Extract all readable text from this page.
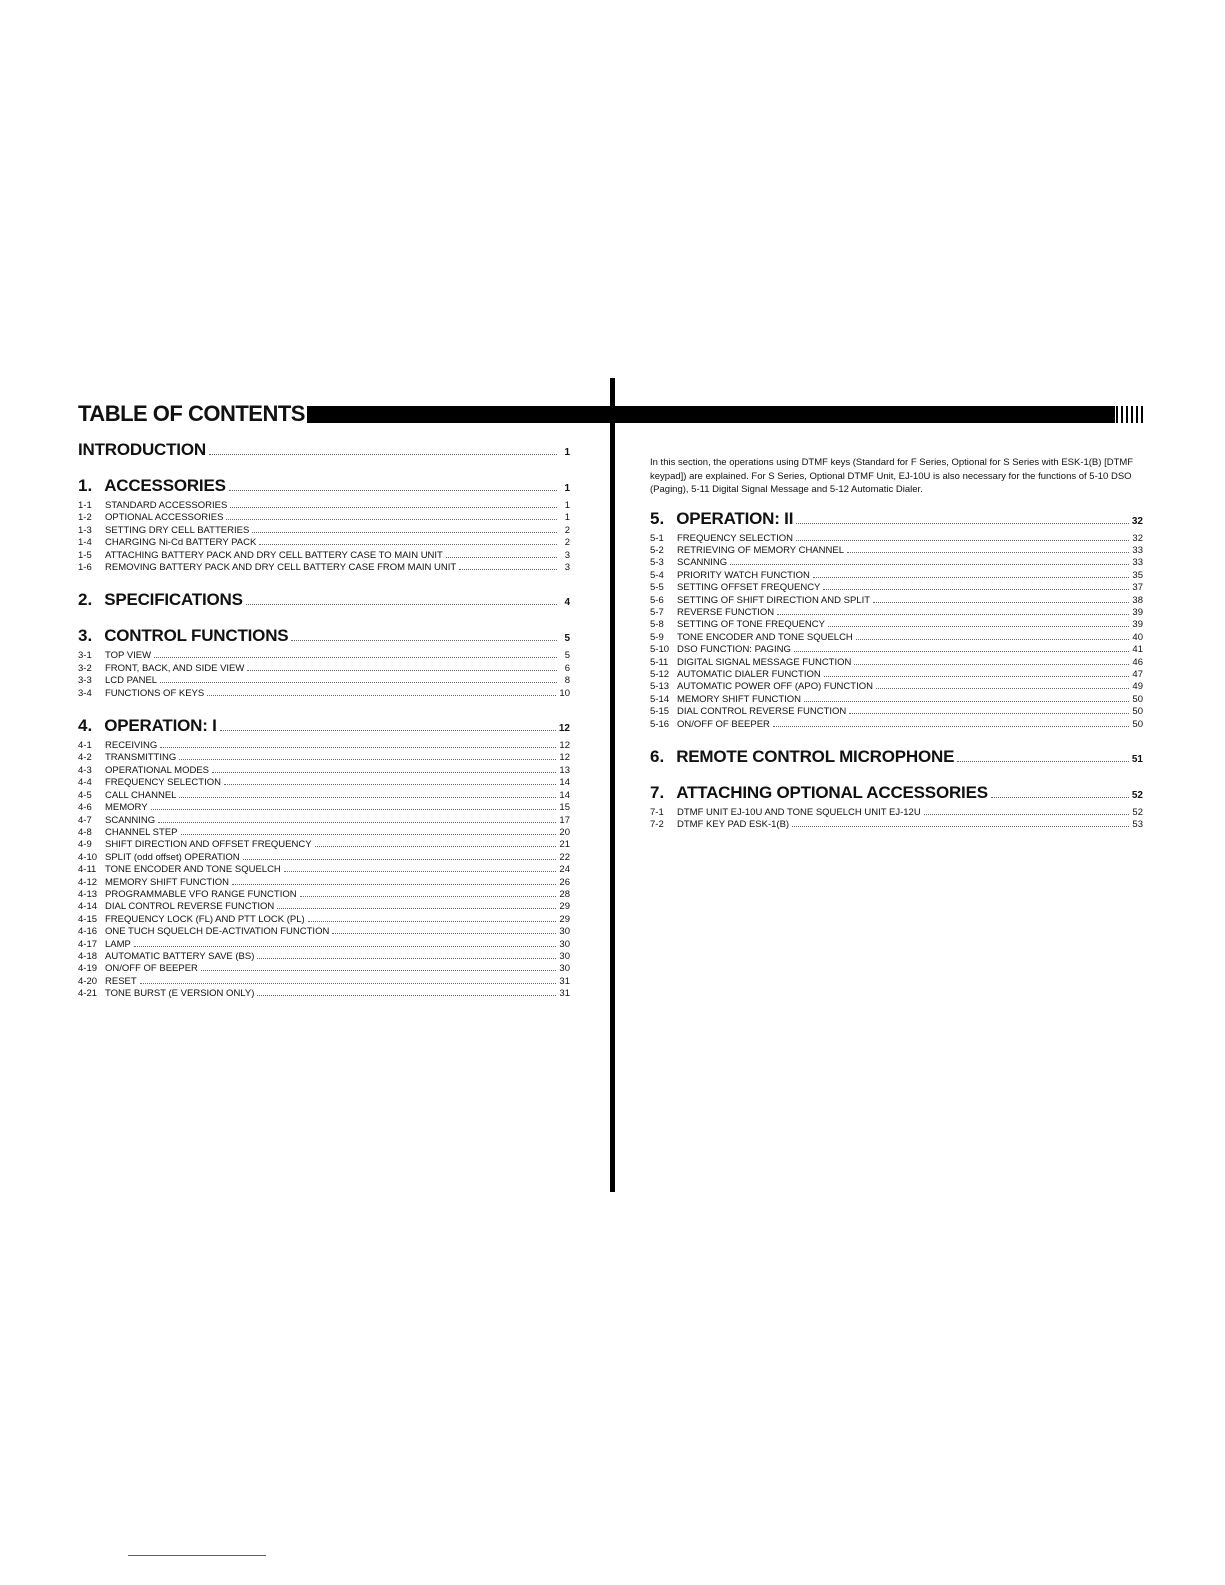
TABLE OF CONTENTS
INTRODUCTION	1
1. ACCESSORIES	1
1-1	STANDARD ACCESSORIES	1
1-2	OPTIONAL ACCESSORIES	1
1-3	SETTING DRY CELL BATTERIES	2
1-4	CHARGING Ni-Cd BATTERY PACK	2
1-5	ATTACHING BATTERY PACK AND DRY CELL BATTERY CASE TO MAIN UNIT	3
1-6	REMOVING BATTERY PACK AND DRY CELL BATTERY CASE FROM MAIN UNIT	3
2. SPECIFICATIONS	4
3. CONTROL FUNCTIONS	5
3-1	TOP VIEW	5
3-2	FRONT, BACK, AND SIDE VIEW	6
3-3	LCD PANEL	8
3-4	FUNCTIONS OF KEYS	10
4. OPERATION: I	12
4-1	RECEIVING	12
4-2	TRANSMITTING	12
4-3	OPERATIONAL MODES	13
4-4	FREQUENCY SELECTION	14
4-5	CALL CHANNEL	14
4-6	MEMORY	15
4-7	SCANNING	17
4-8	CHANNEL STEP	20
4-9	SHIFT DIRECTION AND OFFSET FREQUENCY	21
4-10 SPLIT (odd offset) OPERATION	22
4-11 TONE ENCODER AND TONE SQUELCH	24
4-12 MEMORY SHIFT FUNCTION	26
4-13 PROGRAMMABLE VFO RANGE FUNCTION	28
4-14 DIAL CONTROL REVERSE FUNCTION	29
4-15 FREQUENCY LOCK (FL) AND PTT LOCK (PL)	29
4-16 ONE TUCH SQUELCH DE-ACTIVATION FUNCTION	30
4-17 LAMP	30
4-18 AUTOMATIC BATTERY SAVE (BS)	30
4-19 ON/OFF OF BEEPER	30
4-20 RESET	31
4-21 TONE BURST (E VERSION ONLY)	31
In this section, the operations using DTMF keys (Standard for F Series, Optional for S Series with ESK-1(B) [DTMF keypad]) are explained. For S Series, Optional DTMF Unit, EJ-10U is also necessary for the functions of 5-10 DSO (Paging), 5-11 Digital Signal Message and 5-12 Automatic Dialer.
5. OPERATION: II	32
5-1	FREQUENCY SELECTION	32
5-2	RETRIEVING OF MEMORY CHANNEL	33
5-3	SCANNING	33
5-4	PRIORITY WATCH FUNCTION	35
5-5	SETTING OFFSET FREQUENCY	37
5-6	SETTING OF SHIFT DIRECTION AND SPLIT	38
5-7	REVERSE FUNCTION	39
5-8	SETTING OF TONE FREQUENCY	39
5-9	TONE ENCODER AND TONE SQUELCH	40
5-10 DSO FUNCTION: PAGING	41
5-11 DIGITAL SIGNAL MESSAGE FUNCTION	46
5-12 AUTOMATIC DIALER FUNCTION	47
5-13 AUTOMATIC POWER OFF (APO) FUNCTION	49
5-14 MEMORY SHIFT FUNCTION	50
5-15 DIAL CONTROL REVERSE FUNCTION	50
5-16 ON/OFF OF BEEPER	50
6. REMOTE CONTROL MICROPHONE	51
7. ATTACHING OPTIONAL ACCESSORIES	52
7-1	DTMF UNIT EJ-10U AND TONE SQUELCH UNIT EJ-12U	52
7-2	DTMF KEY PAD ESK-1(B)	53
